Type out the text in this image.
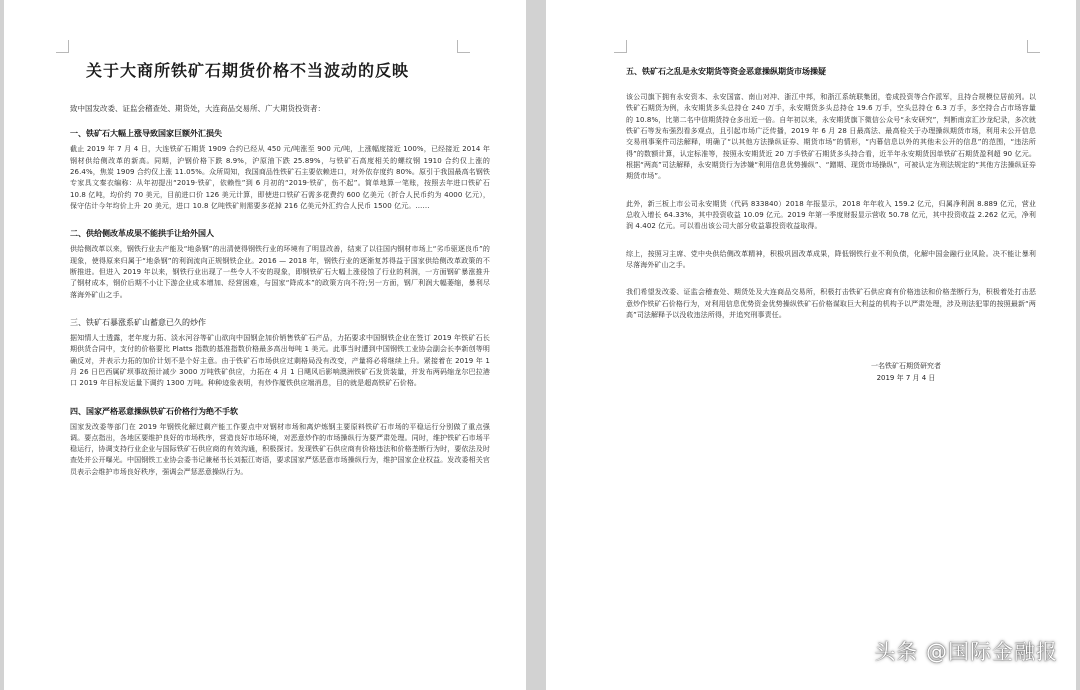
关于大商所铁矿石期货价格不当波动的反映
致中国发改委、证监会稽查处、期货处，大连商品交易所、广大期货投资者：
一、铁矿石大幅上涨导致国家巨额外汇损失
截止 2019 年 7 月 4 日，大连铁矿石期货 1909 合约已经从 450 元/吨涨至 900 元/吨，上涨幅度接近 100%，已经接近 2014 年钢材供给侧改革的新高。同期，沪钢价格下跌 8.9%，沪原油下跌 25.89%，与铁矿石高度相关的螺纹钢 1910 合约仅上涨的 26.4%，焦炭 1909 合约仅上涨 11.05%。众所周知，我国商品性铁矿石主要依赖进口，对外依存度约 80%。原引于我国最高名钢铁专家具文秦衣编称：从年初提出“2019·铁矿，依赖性”到 6 月初的“2019·铁矿，伤不起”。简单地算一笔账，按照去年进口铁矿石 10.8 亿吨，均价约 70 美元，目前进口价 126 美元计算，即使进口铁矿石需多花费约 600 亿美元（折合人民币约为 4000 亿元），保守估计今年均价上升 20 美元，进口 10.8 亿吨铁矿则需要多花掉 216 亿美元外汇约合人民币 1500 亿元。……
二、供给侧改革成果不能拱手让给外国人
供给侧改革以来，钢铁行业去产能及“地条钢”的出清使得钢铁行业的环境有了明显改善，结束了以往国内钢材市场上“劣币驱逐良币”的现象，使得原来归属于“地条钢”的利润流向正规钢铁企业。2016 — 2018 年，钢铁行业的逐渐复苏得益于国家供给侧改革政策的不断推进。但进入 2019 年以来，钢铁行业出现了一些令人不安的现象，即钢铁矿石大幅上涨侵蚀了行业的利润，一方面钢矿暴涨推升了钢材成本，钢价后期不小让下游企业成本增加、经营困难，与国家“降成本”的政策方向不符;另一方面，钢厂利润大幅萎缩，暴利尽落海外矿山之手。
三、铁矿石暴涨系矿山蓄意已久的炒作
据知情人士透露，老年度力拓、淡水河谷等矿山欲向中国钢企加价销售铁矿石产品，力拓要求中国钢铁企业在签订 2019 年铁矿石长期供货合同中，支付的价格要比 Platts 指数的基准指数价格最多高出每吨 1 美元。此事当时遭到中国钢铁工业协会副会长李新创等明确反对，并表示力拓的加价计划不是个好主意。由于铁矿石市场供应过剩格局没有改变，产量将必将继续上升。紧接着在 2019 年 1 月 26 日巴西属矿坝事故预计减少 3000 万吨铁矿供应，力拓在 4 月 1 日飓风后影响澳洲铁矿石发货装量，并发布两码缩龙尔巴拉港口 2019 年目标发运量下调约 1300 万吨。种种迹象表明，有炒作厦铁供应端消息，目的就是超高铁矿石价格。
四、国家严格恶意操纵铁矿石价格行为绝不手软
国家发改委等部门在 2019 年钢铁化解过剩产能工作要点中对钢材市场和离炉炼钢主要原料铁矿石市场的平稳运行分别做了重点强调。要点指出，各地区要维护良好的市场秩序，营造良好市场环境，对恶意炒作的市场操纵行为要严肃处理。同时，维护铁矿石市场平稳运行，协调支持行业企业与国际铁矿石供应商的有效沟通，积极探讨。发现铁矿石供应商有价格违法和价格垄断行为时，要依法及时查处并公开曝光。中国钢铁工业协会委书记兼秘书长刘振江寄语，要求国家严惩恶意市场操纵行为，维护国家企业权益。发改委相关官员表示会维护市场良好秩序，强调会严惩恶意操纵行为。
五、铁矿石之乱是永安期货等资金恶意操纵期货市场操疑
该公司旗下拥有永安资本、永安国富、南山对冲、浙江中邦，和浙江系统联集团，卷成投资等合作派军，且持合规模位居前列。以铁矿石期货为例，永安期货多头总持仓 240 万手，永安期货多头总持仓 19.6 万手，空头总持仓 6.3 万手，多空持合占市场容量的 10.8%，比第二名中信期货持仓多出近一倍。自年初以来，永安期货旗下微信公众号“永安研究”，判断南京汇沙龙纪录，多次就铁矿石等发布强烈看多观点，且引起市场广泛传播，2019 年 6 月 28 日最高法、最高检关于办理操纵期货市场，利用未公开信息交易刑事案件司法解释，明确了“以其他方法操纵证券、期货市场”的情形，“内幕信息以外的其他未公开的信息”的范围，“违法所得”的数额计算，认定标准等，按照永安期货近 20 万手铁矿石期货多头持合看，近半年永安期货因单铁矿石期货盈利超 90 亿元。根据“两高”司法解释，永安期货行为涉嫌“利用信息优势操纵”、“蹭期、现货市场操纵”，可被认定为刑法规定的“其他方法操纵证券期货市场”。
此外，新三板上市公司永安期货（代码 833840）2018 年报显示，2018 年年收入 159.2 亿元，归属净利润 8.889 亿元，营业总收入增长 64.33%，其中投资收益 10.09 亿元。2019 年第一季度财报显示营收 50.78 亿元，其中投资收益 2.262 亿元，净利润 4.402 亿元。可以看出该公司大部分收益靠投资收益取得。
综上，按照习主席、党中央供给侧改革精神，积极巩固改革成果，降低钢铁行业不利负债，化解中国金融行业风险。决不能让暴利尽落海外矿山之手。
我们希望发改委、证监会稽查处、期货处及大连商品交易所，积极打击铁矿石供应商有价格违法和价格垄断行为，积极着处打击恶意炒作铁矿石价格行为，对利用信息优势资金优势操纵铁矿石价格谋取巨大利益的机构予以严肃处理，涉及刑法犯罪的按照最新“两高”司法解释予以没收违法所得，并追究刑事责任。
一名铁矿石期货研究者
2019 年 7 月 4 日
头条 @国际金融报
